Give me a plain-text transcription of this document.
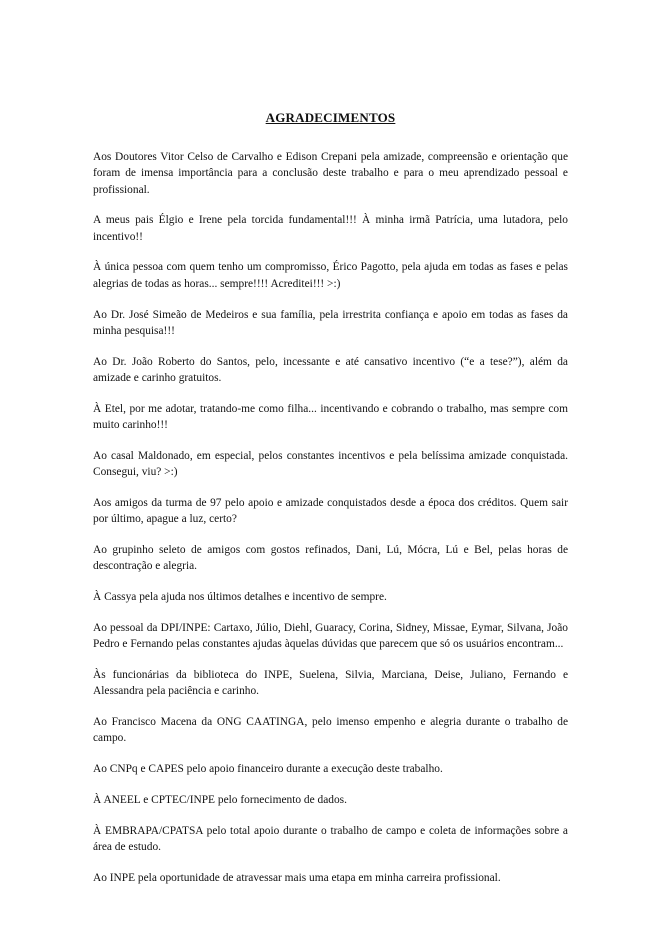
AGRADECIMENTOS

Aos Doutores Vitor Celso de Carvalho e Edison Crepani pela amizade, compreensão e orientação que foram de imensa importância para a conclusão deste trabalho e para o meu aprendizado pessoal e profissional.

A meus pais Élgio e Irene pela torcida fundamental!!! À minha irmã Patrícia, uma lutadora, pelo incentivo!!

À única pessoa com quem tenho um compromisso, Érico Pagotto, pela ajuda em todas as fases e pelas alegrias de todas as horas... sempre!!!! Acreditei!!! >:)

Ao Dr. José Simeão de Medeiros e sua família, pela irrestrita confiança e apoio em todas as fases da minha pesquisa!!!

Ao Dr. João Roberto do Santos, pelo, incessante e até cansativo incentivo (“e a tese?”), além da amizade e carinho gratuitos.

À Etel, por me adotar, tratando-me como filha... incentivando e cobrando o trabalho, mas sempre com muito carinho!!!

Ao casal Maldonado, em especial, pelos constantes incentivos e pela belíssima amizade conquistada. Consegui, viu? >:)

Aos amigos da turma de 97 pelo apoio e amizade conquistados desde a época dos créditos. Quem sair por último, apague a luz, certo?

Ao grupinho seleto de amigos com gostos refinados, Dani, Lú, Mócra, Lú e Bel, pelas horas de descontração e alegria.

À Cassya pela ajuda nos últimos detalhes e incentivo de sempre.

Ao pessoal da DPI/INPE: Cartaxo, Júlio, Diehl, Guaracy, Corina, Sidney, Missae, Eymar, Silvana, João Pedro e Fernando pelas constantes ajudas àquelas dúvidas que parecem que só os usuários encontram...

Às funcionárias da biblioteca do INPE, Suelena, Silvia, Marciana, Deise, Juliano, Fernando e Alessandra pela paciência e carinho.

Ao Francisco Macena da ONG CAATINGA, pelo imenso empenho e alegria durante o trabalho de campo.

Ao CNPq e CAPES pelo apoio financeiro durante a execução deste trabalho.

À ANEEL e CPTEC/INPE pelo fornecimento de dados.

À EMBRAPA/CPATSA pelo total apoio durante o trabalho de campo e coleta de informações sobre a área de estudo.

Ao INPE pela oportunidade de atravessar mais uma etapa em minha carreira profissional.
